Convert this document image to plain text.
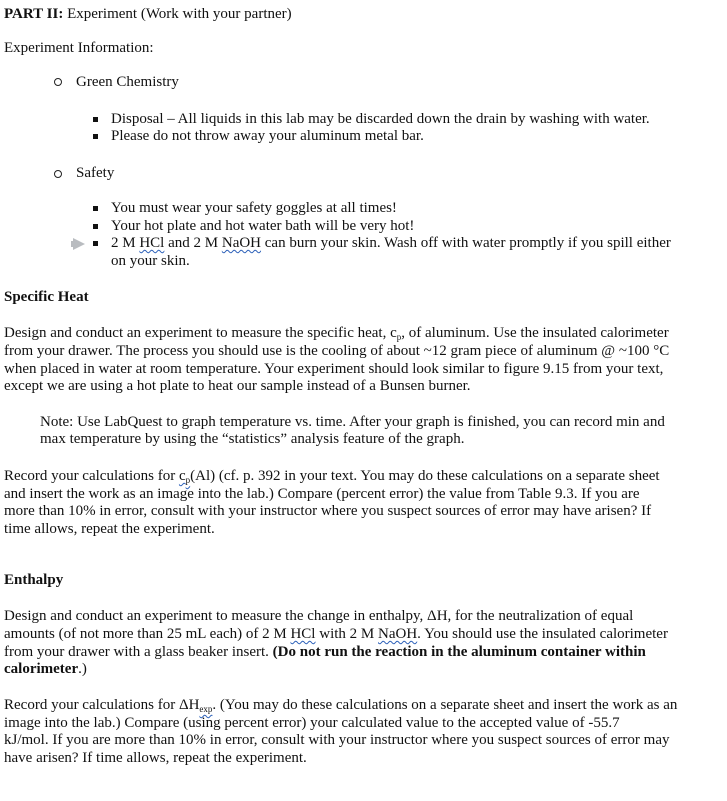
PART II: Experiment (Work with your partner)
Experiment Information:
Green Chemistry
Disposal – All liquids in this lab may be discarded down the drain by washing with water.
Please do not throw away your aluminum metal bar.
Safety
You must wear your safety goggles at all times!
Your hot plate and hot water bath will be very hot!
2 M HCl and 2 M NaOH can burn your skin. Wash off with water promptly if you spill either
on your skin.
Specific Heat
Design and conduct an experiment to measure the specific heat, $c_p$, of aluminum. Use the insulated calorimeter
from your drawer. The process you should use is the cooling of about ~12 gram piece of aluminum @ ~100 °C
when placed in water at room temperature. Your experiment should look similar to figure 9.15 from your text,
except we are using a hot plate to heat our sample instead of a Bunsen burner.
Note: Use LabQuest to graph temperature vs. time. After your graph is finished, you can record min and
max temperature by using the “statistics” analysis feature of the graph.
Record your calculations for $c_p(Al)$ (cf. p. 392 in your text. You may do these calculations on a separate sheet
and insert the work as an image into the lab.) Compare (percent error) the value from Table 9.3. If you are
more than 10% in error, consult with your instructor where you suspect sources of error may have arisen? If
time allows, repeat the experiment.
Enthalpy
Design and conduct an experiment to measure the change in enthalpy, ΔH, for the neutralization of equal
amounts (of not more than 25 mL each) of 2 M HCl with 2 M NaOH. You should use the insulated calorimeter
from your drawer with a glass beaker insert. (Do not run the reaction in the aluminum container within
calorimeter.)
Record your calculations for $\Delta H_{exp}$. (You may do these calculations on a separate sheet and insert the work as an
image into the lab.) Compare (using percent error) your calculated value to the accepted value of -55.7
kJ/mol. If you are more than 10% in error, consult with your instructor where you suspect sources of error may
have arisen? If time allows, repeat the experiment.
